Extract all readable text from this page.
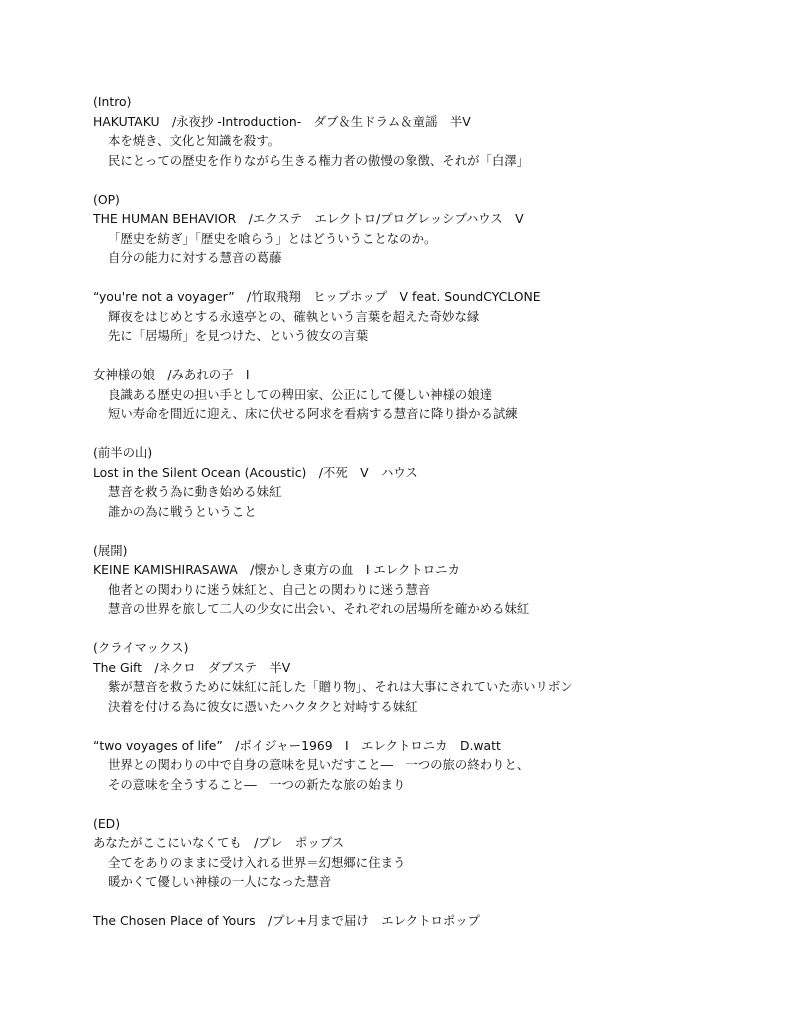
(Intro)
HAKUTAKU　/永夜抄 -Introduction-　ダブ＆生ドラム＆童謡　半V
本を焼き、文化と知識を殺す。
民にとっての歴史を作りながら生きる権力者の傲慢の象徴、それが「白澤」
(OP)
THE HUMAN BEHAVIOR　/エクステ　エレクトロ/プログレッシブハウス　V
「歴史を紡ぎ」「歴史を喰らう」とはどういうことなのか。
自分の能力に対する慧音の葛藤
“you're not a voyager”　/竹取飛翔　ヒップホップ　V feat. SoundCYCLONE
輝夜をはじめとする永遠亭との、確執という言葉を超えた奇妙な縁
先に「居場所」を見つけた、という彼女の言葉
女神様の娘　/みあれの子　I
良識ある歴史の担い手としての稗田家、公正にして優しい神様の娘達
短い寿命を間近に迎え、床に伏せる阿求を看病する慧音に降り掛かる試練
(前半の山)
Lost in the Silent Ocean (Acoustic)　/不死　V　ハウス
慧音を救う為に動き始める妹紅
誰かの為に戦うということ
(展開)
KEINE KAMISHIRASAWA　/懐かしき東方の血　I エレクトロニカ
他者との関わりに迷う妹紅と、自己との関わりに迷う慧音
慧音の世界を旅して二人の少女に出会い、それぞれの居場所を確かめる妹紅
(クライマックス)
The Gift　/ネクロ　ダブステ　半V
紫が慧音を救うために妹紅に託した「贈り物」、それは大事にされていた赤いリボン
決着を付ける為に彼女に憑いたハクタクと対峙する妹紅
“two voyages of life”　/ボイジャー1969　I　エレクトロニカ　D.watt
世界との関わりの中で自身の意味を見いだすこと―　一つの旅の終わりと、
その意味を全うすること―　一つの新たな旅の始まり
(ED)
あなたがここにいなくても　/プレ　ポップス
全てをありのままに受け入れる世界＝幻想郷に住まう
暖かくて優しい神様の一人になった慧音
The Chosen Place of Yours　/プレ+月まで届け　エレクトロポップ
